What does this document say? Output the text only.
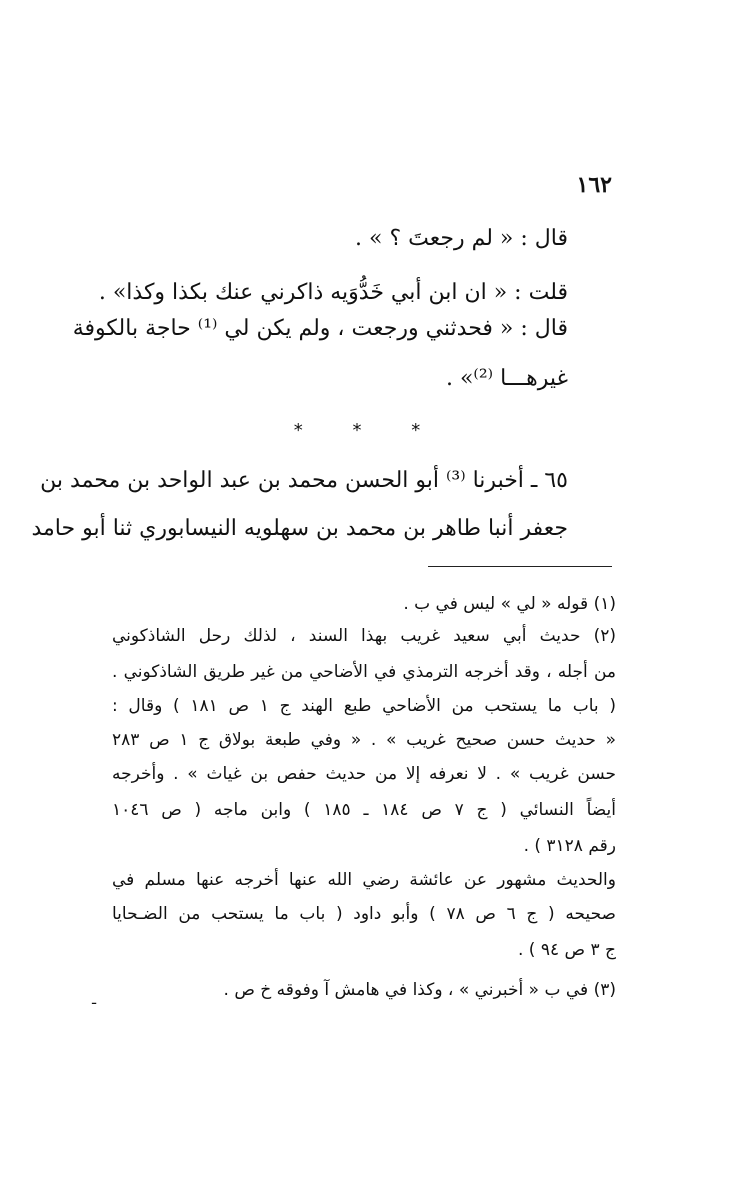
١٦٢
قال : « لم رجعتَ ؟ » .
قلت : « ان ابن أبي خَدُّوَيه ذاكرني عنك بكذا وكذا» .
قال : « فحدثني ورجعت ، ولم يكن لي ⁽¹⁾ حاجة بالكوفة
غيرهـــا ⁽²⁾» .
* * *
٦٥ ـ أخبرنا ⁽³⁾ أبو الحسن محمد بن عبد الواحد بن محمد بن
جعفر أنبا طاهر بن محمد بن سهلويه النيسابوري ثنا أبو حامد
(١) قوله « لي » ليس في ب .
(٢) حديث أبي سعيد غريب بهذا السند ، لذلك رحل الشاذكوني
من أجله ، وقد أخرجه الترمذي في الأضاحي من غير طريق الشاذكوني .
( باب ما يستحب من الأضاحي طبع الهند ج ١ ص ١٨١ ) وقال :
« حديث حسن صحيح غريب » . « وفي طبعة بولاق ج ١ ص ٢٨٣
حسن غريب » . لا نعرفه إلا من حديث حفص بن غياث » . وأخرجه
أيضاً النسائي ( ج ٧ ص ١٨٤ ـ ١٨٥ ) وابن ماجه ( ص ١٠٤٦
رقم ٣١٢٨ ) .
والحديث مشهور عن عائشة رضي الله عنها أخرجه عنها مسلم في
صحيحه ( ج ٦ ص ٧٨ ) وأبو داود ( باب ما يستحب من الضـحايا
ج ٣ ص ٩٤ ) .
(٣) في ب « أخبرني » ، وكذا في هامش آ وفوقه خ ص .
ـ
